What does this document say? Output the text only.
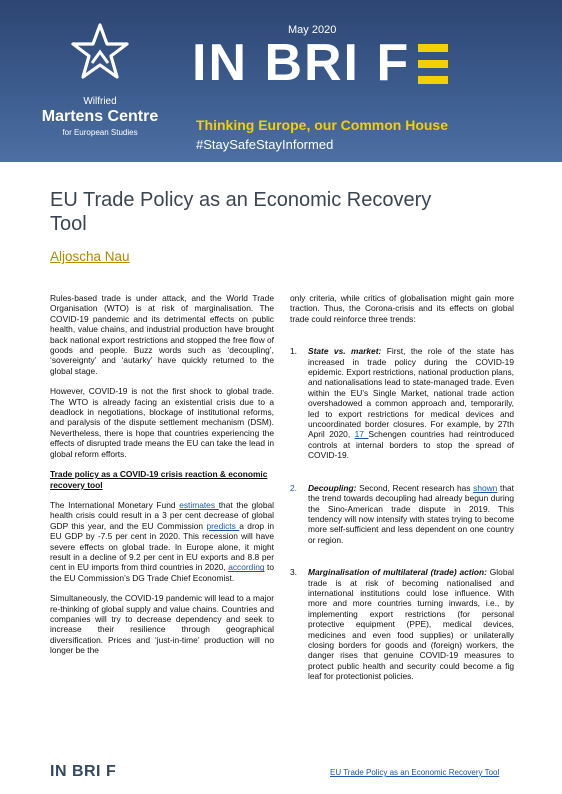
Wilfried
Martens Centre
for European Studies
May 2020
IN BRI F
Thinking Europe, our Common House
#StaySafeStayInformed
EU Trade Policy as an Economic Recovery Tool
Aljoscha Nau

Rules-based trade is under attack, and the World Trade Organisation (WTO) is at risk of marginalisation. The COVID-19 pandemic and its detrimental effects on public health, value chains, and industrial production have brought back national export restrictions and stopped the free flow of goods and people. Buzz words such as ‘decoupling’, ‘sovereignty’ and ‘autarky’ have quickly returned to the global stage.

However, COVID-19 is not the first shock to global trade. The WTO is already facing an existential crisis due to a deadlock in negotiations, blockage of institutional reforms, and paralysis of the dispute settlement mechanism (DSM). Nevertheless, there is hope that countries experiencing the effects of disrupted trade means the EU can take the lead in global reform efforts.

Trade policy as a COVID-19 crisis reaction & economic recovery tool

The International Monetary Fund estimates that the global health crisis could result in a 3 per cent decrease of global GDP this year, and the EU Commission predicts a drop in EU GDP by -7.5 per cent in 2020. This recession will have severe effects on global trade. In Europe alone, it might result in a decline of 9.2 per cent in EU exports and 8.8 per cent in EU imports from third countries in 2020, according to the EU Commission’s DG Trade Chief Economist.

Simultaneously, the COVID-19 pandemic will lead to a major re-thinking of global supply and value chains. Countries and companies will try to decrease dependency and seek to increase their resilience through geographical diversification. Prices and ‘just-in-time’ production will no longer be the

only criteria, while critics of globalisation might gain more traction. Thus, the Corona-crisis and its effects on global trade could reinforce three trends:

1. State vs. market: First, the role of the state has increased in trade policy during the COVID-19 epidemic. Export restrictions, national production plans, and nationalisations lead to state-managed trade. Even within the EU’s Single Market, national trade action overshadowed a common approach and, temporarily, led to export restrictions for medical devices and uncoordinated border closures. For example, by 27th April 2020, 17 Schengen countries had reintroduced controls at internal borders to stop the spread of COVID-19.

2. Decoupling: Second, Recent research has shown that the trend towards decoupling had already begun during the Sino-American trade dispute in 2019. This tendency will now intensify with states trying to become more self-sufficient and less dependent on one country or region.

3. Marginalisation of multilateral (trade) action: Global trade is at risk of becoming nationalised and international institutions could lose influence. With more and more countries turning inwards, i.e., by implementing export restrictions (for personal protective equipment (PPE), medical devices, medicines and even food supplies) or unilaterally closing borders for goods and (foreign) workers, the danger rises that genuine COVID-19 measures to protect public health and security could become a fig leaf for protectionist policies.

IN BRI F	EU Trade Policy as an Economic Recovery Tool
